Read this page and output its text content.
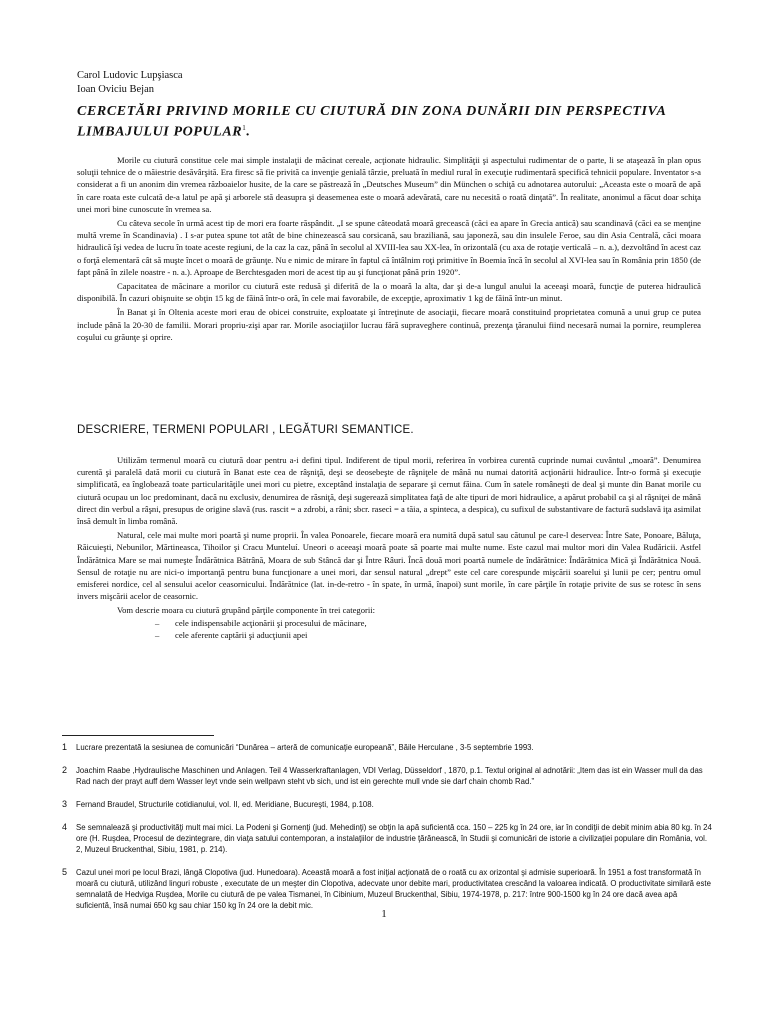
Carol Ludovic Lupşiasca
Ioan Oviciu Bejan
CERCETĂRI PRIVIND MORILE CU CIUTURĂ DIN ZONA DUNĂRII DIN PERSPECTIVA LIMBAJULUI POPULAR$^1$.

Morile cu ciutură constitue cele mai simple instalaţii de măcinat cereale, acţionate hidraulic. Simplităţii şi aspectului rudimentar de o parte, li se ataşează în plan opus soluţii tehnice de o măiestrie desăvârşită. Era firesc să fie privită ca invenţie genială târzie, preluată în mediul rural în execuţie rudimentară specifică tehnicii populare. Inventator s-a considerat a fi un anonim din vremea războaielor husite, de la care se păstrează în „Deutsches Museum” din München o schiţă cu adnotarea autorului: „Aceasta este o moară de apă în care roata este culcată de-a latul pe apă şi arborele stă deasupra şi deasemenea este o moară adevărată, care nu necesită o roată dinţată”. În realitate, anonimul a făcut doar schiţa unei mori bine cunoscute în vremea sa.

Cu câteva secole în urmă acest tip de mori era foarte răspândit. „I se spune câteodată moară grecească (căci ea apare în Grecia antică) sau scandinavă (căci ea se menţine multă vreme în Scandinavia) . I s-ar putea spune tot atât de bine chinezească sau corsicană, sau braziliană, sau japoneză, sau din insulele Feroe, sau din Asia Centrală, căci moara hidraulică îşi vedea de lucru în toate aceste regiuni, de la caz la caz, până în secolul al XVIII-lea sau XX-lea, în orizontală (cu axa de rotaţie verticală – n. a.), dezvoltând în acest caz o forţă elementară cât să muşte încet o moară de grăunţe. Nu e nimic de mirare în faptul că întâlnim roţi primitive în Boemia încă în secolul al XVI-lea sau în România prin 1850 (de fapt până în zilele noastre - n. a.). Aproape de Berchtesgaden mori de acest tip au şi funcţionat până prin 1920”.

Capacitatea de măcinare a morilor cu ciutură este redusă şi diferită de la o moară la alta, dar şi de-a lungul anului la aceeaşi moară, funcţie de puterea hidraulică disponibilă. În cazuri obişnuite se obţin 15 kg de făină într-o oră, în cele mai favorabile, de excepţie, aproximativ 1 kg de făină într-un minut.

În Banat şi în Oltenia aceste mori erau de obicei construite, exploatate şi întreţinute de asociaţii, fiecare moară constituind proprietatea comună a unui grup ce putea include până la 20-30 de familii. Morari propriu-zişi apar rar. Morile asociaţiilor lucrau fără supraveghere continuă, prezenţa ţăranului fiind necesară numai la pornire, reumplerea coşului cu grăunţe şi oprire.

DESCRIERE, TERMENI POPULARI , LEGĂTURI SEMANTICE.

Utilizăm termenul moară cu ciutură doar pentru a-i defini tipul. Indiferent de tipul morii, referirea în vorbirea curentă cuprinde numai cuvântul „moară”. Denumirea curentă şi paralelă dată morii cu ciutură în Banat este cea de râşniţă, deşi se deosebeşte de râşniţele de mână nu numai datorită acţionării hidraulice. Într-o formă şi execuţie simplificată, ea înglobează toate particularităţile unei mori cu pietre, exceptând instalaţia de separare şi cernut făina. Cum în satele româneşti de deal şi munte din Banat morile cu ciutură ocupau un loc predominant, dacă nu exclusiv, denumirea de răsniţă, deşi sugerează simplitatea faţă de alte tipuri de mori hidraulice, a apărut probabil ca şi al râşniţei de mână direct din verbul a râşni, presupus de origine slavă (rus. rascit = a zdrobi, a râni; sbcr. rasecì = a tăia, a spinteca, a despica), cu sufixul de substantivare de factură sudslavă iţa asimilat însă demult în limba română.

Natural, cele mai multe mori poartă şi nume proprii. În valea Ponoarele, fiecare moară era numită după satul sau cătunul pe care-l deservea: Între Sate, Ponoare, Băluţa, Răicuieşti, Nebunilor, Mărtineasca, Tihoilor şi Cracu Munteluí. Uneori o aceeaşi moară poate să poarte mai multe nume. Este cazul mai multor mori din Valea Rudăricii. Astfel Îndărătnica Mare se mai numeşte Îndărătnica Bătrână, Moara de sub Stâncă dar şi Între Râuri. Încă două mori poartă numele de îndărătnice: Îndărătnica Mică şi Îndărătnica Nouă. Sensul de rotaţie nu are nici-o importanţă pentru buna funcţionare a unei mori, dar sensul natural „drept” este cel care corespunde mişcării soarelui şi lunii pe cer; pentru omul emisferei nordice, cel al sensului acelor ceasornicului. Îndărătnice (lat. in-de-retro - în spate, în urmă, înapoi) sunt morile, în care părţile în rotaţie privite de sus se rotesc în sens invers mişcării acelor de ceasornic.

Vom descrie moara cu ciutură grupând părţile componente în trei categorii:

– cele indispensabile acţionării şi procesului de măcinare,
– cele aferente captării şi aducţiunii apei
1	Lucrare prezentată la sesiunea de comunicări “Dunărea – arteră de comunicaţie europeană”, Băile Herculane , 3-5 septembrie 1993.
2	Joachim Raabe ,Hydraulische Maschinen und Anlagen. Teil 4 Wasserkraftanlagen, VDI Verlag, Düsseldorf , 1870, p.1. Textul original al adnotării: „Item das ist ein Wasser mull da das Rad nach der prayt auff dem Wasser leyt vnde sein wellpavn steht vb sich, und ist ein gerechte mull vnde sie darf chain chomb Rad.”
3	Fernand Braudel, Structurile cotidianului, vol. II, ed. Meridiane, Bucureşti, 1984, p.108.
4	Se semnalează şi productivităţi mult mai mici. La Podeni şi Gornenţi (jud. Mehedinţi) se obţin la apă suficientă cca. 150 – 225 kg în 24 ore, iar în condiţii de debit minim abia 80 kg. în 24 ore (H. Ruşdea, Procesul de dezintegrare, din viaţa satului contemporan, a instalaţiilor de industrie ţărănească, în Studii şi comunicări de istorie a civilizaţiei populare din România, vol. 2, Muzeul Bruckenthal, Sibiu, 1981, p. 214).
5	Cazul unei mori pe locul Brazi, lângă Clopotiva (jud. Hunedoara). Această moară a fost iniţial acţionată de o roată cu ax orizontal şi admisie superioară. În 1951 a fost transformată în moară cu ciutură, utilizând linguri robuste , executate de un meşter din Clopotiva, adecvate unor debite mari, productivitatea crescând la valoarea indicată. O productivitate similară este semnalată de Hedviga Ruşdea, Morile cu ciutură de pe valea Tismanei, în Cibinium, Muzeul Bruckenthal, Sibiu, 1974-1978, p. 217: între 900-1500 kg în 24 ore dacă avea apă suficientă, însă numai 650 kg sau chiar 150 kg în 24 ore la debit mic.
1
